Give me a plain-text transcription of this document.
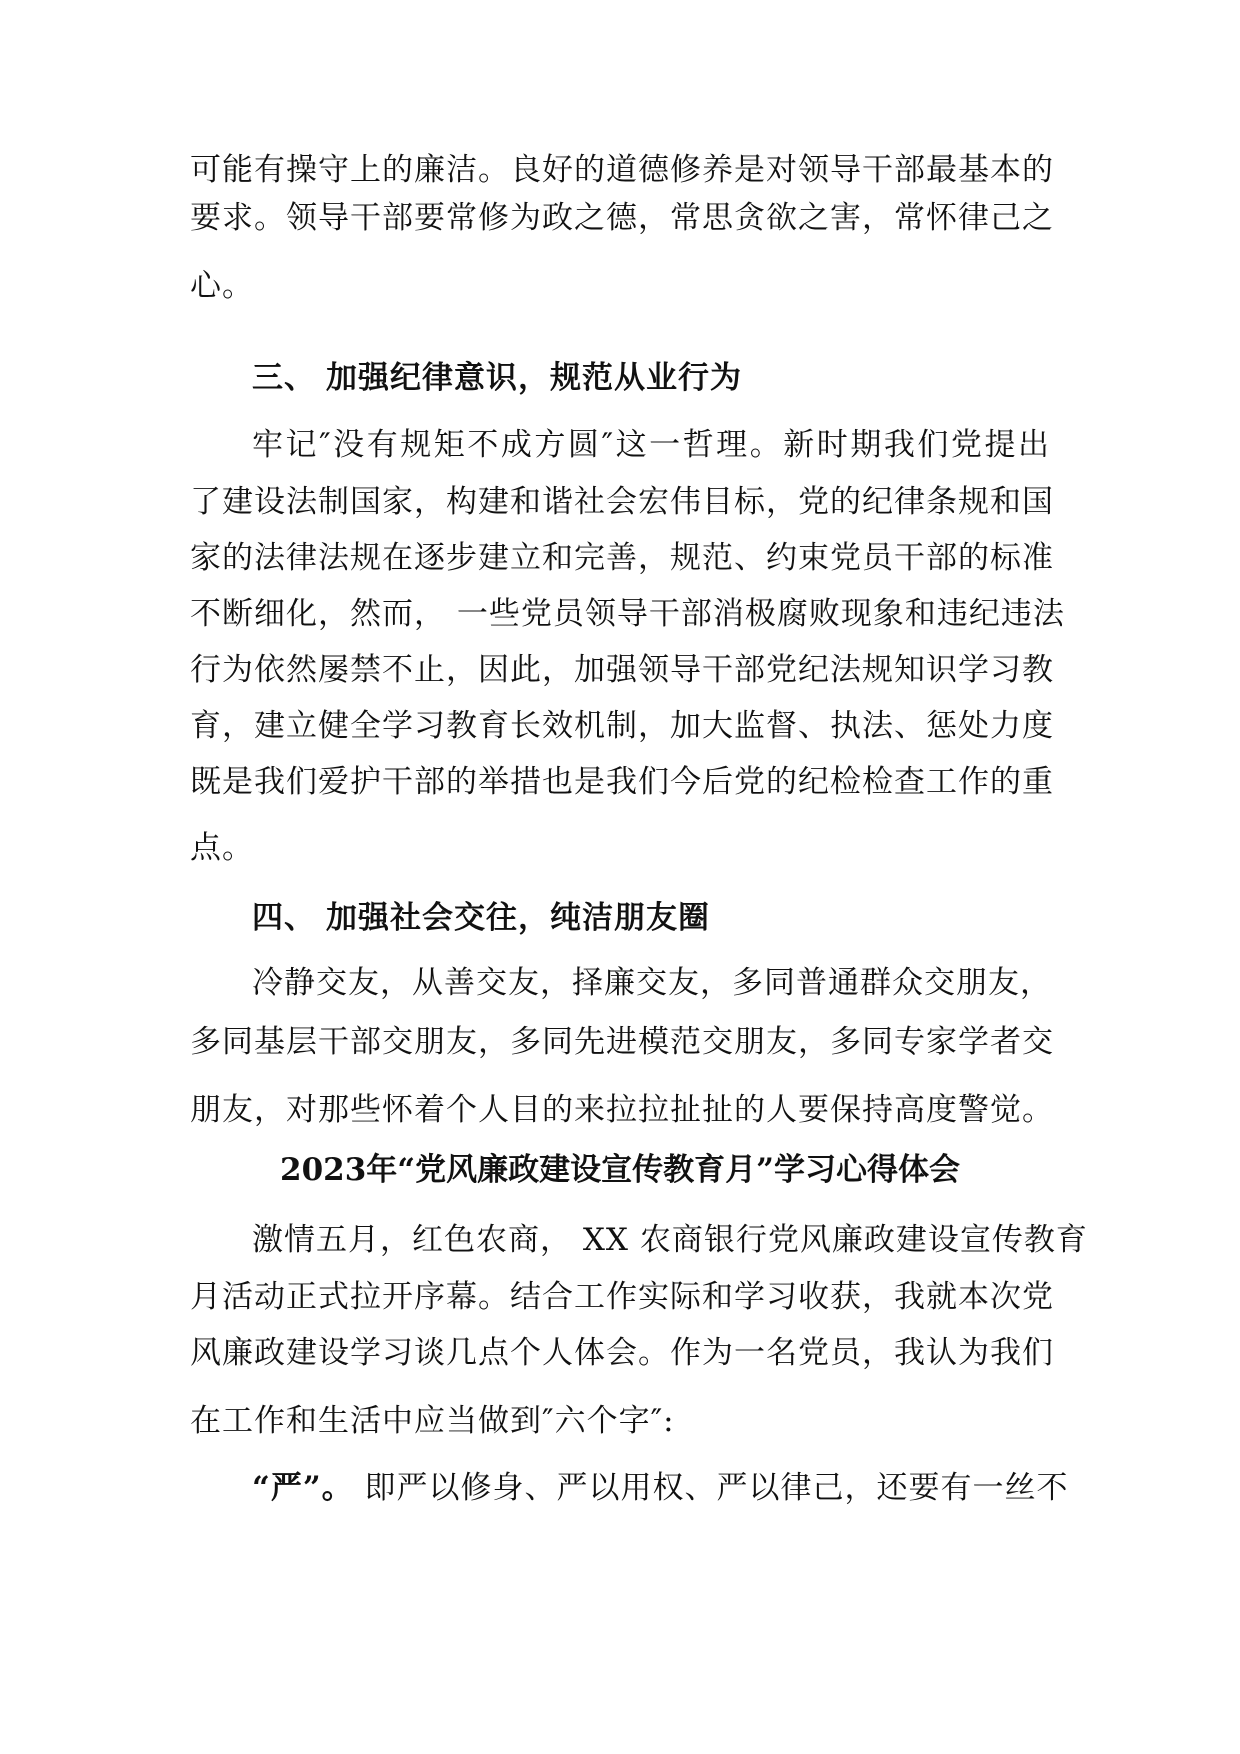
可能有操守上的廉洁。良好的道德修养是对领导干部最基本的
要求。领导干部要常修为政之德，常思贪欲之害，常怀律己之
心。
三、 加强纪律意识，规范从业行为
牢记″没有规矩不成方圆″这一哲理。新时期我们党提出
了建设法制国家，构建和谐社会宏伟目标，党的纪律条规和国
家的法律法规在逐步建立和完善，规范、约束党员干部的标准
不断细化，然而， 一些党员领导干部消极腐败现象和违纪违法
行为依然屡禁不止，因此，加强领导干部党纪法规知识学习教
育，建立健全学习教育长效机制，加大监督、执法、惩处力度
既是我们爱护干部的举措也是我们今后党的纪检检查工作的重
点。
四、 加强社会交往，纯洁朋友圈
冷静交友，从善交友，择廉交友，多同普通群众交朋友，
多同基层干部交朋友，多同先进模范交朋友，多同专家学者交
朋友，对那些怀着个人目的来拉拉扯扯的人要保持高度警觉。
2023年“党风廉政建设宣传教育月”学习心得体会
激情五月，红色农商， XX 农商银行党风廉政建设宣传教育
月活动正式拉开序幕。结合工作实际和学习收获，我就本次党
风廉政建设学习谈几点个人体会。作为一名党员，我认为我们
在工作和生活中应当做到″六个字″:
“严”。 即严以修身、严以用权、严以律己，还要有一丝不
